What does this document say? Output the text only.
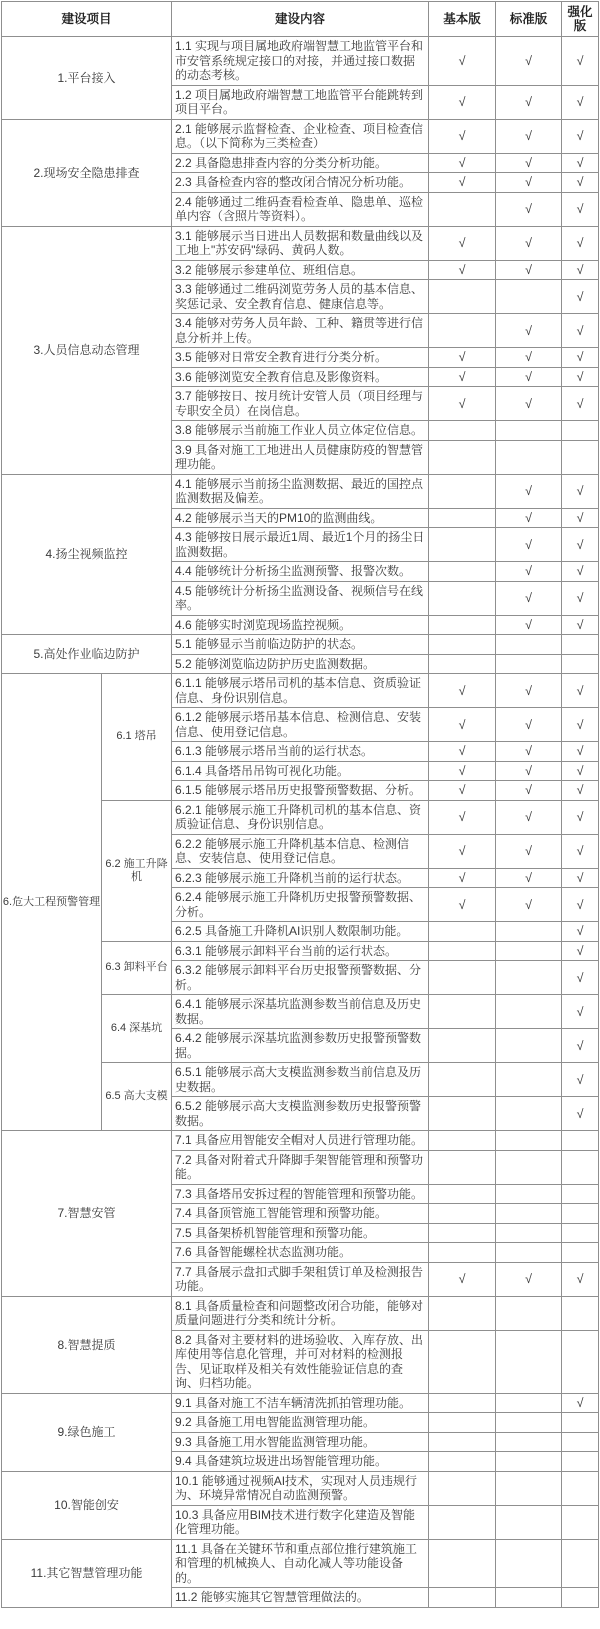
建设项目		建设内容	基本版	标准版	强化版
1.平台接入		1.1 实现与项目属地政府端智慧工地监管平台和市安管系统规定接口的对接，并通过接口数据的动态考核。	√	√	√
		1.2 项目属地政府端智慧工地监管平台能跳转到项目平台。	√	√	√
2.现场安全隐患排查		2.1 能够展示监督检查、企业检查、项目检查信息。（以下简称为三类检查）	√	√	√
		2.2 具备隐患排查内容的分类分析功能。	√	√	√
		2.3 具备检查内容的整改闭合情况分析功能。	√	√	√
		2.4 能够通过二维码查看检查单、隐患单、巡检单内容（含照片等资料）。		√	√
3.人员信息动态管理		3.1 能够展示当日进出人员数据和数量曲线以及工地上"苏安码"绿码、黄码人数。	√	√	√
		3.2 能够展示参建单位、班组信息。	√	√	√
		3.3 能够通过二维码浏览劳务人员的基本信息、奖惩记录、安全教育信息、健康信息等。			√
		3.4 能够对劳务人员年龄、工种、籍贯等进行信息分析并上传。		√	√
		3.5 能够对日常安全教育进行分类分析。	√	√	√
		3.6 能够浏览安全教育信息及影像资料。	√	√	√
		3.7 能够按日、按月统计安管人员（项目经理与专职安全员）在岗信息。	√	√	√
		3.8 能够展示当前施工作业人员立体定位信息。			
		3.9 具备对施工工地进出人员健康防疫的智慧管理功能。			
4.扬尘视频监控		4.1 能够展示当前扬尘监测数据、最近的国控点监测数据及偏差。		√	√
		4.2 能够展示当天的PM10的监测曲线。		√	√
		4.3 能够按日展示最近1周、最近1个月的扬尘日监测数据。		√	√
		4.4 能够统计分析扬尘监测预警、报警次数。		√	√
		4.5 能够统计分析扬尘监测设备、视频信号在线率。		√	√
		4.6 能够实时浏览现场监控视频。		√	√
5.高处作业临边防护		5.1 能够显示当前临边防护的状态。			
		5.2 能够浏览临边防护历史监测数据。			
6.危大工程预警管理	6.1 塔吊	6.1.1 能够展示塔吊司机的基本信息、资质验证信息、身份识别信息。	√	√	√
		6.1.2 能够展示塔吊基本信息、检测信息、安装信息、使用登记信息。	√	√	√
		6.1.3 能够展示塔吊当前的运行状态。	√	√	√
		6.1.4 具备塔吊吊钩可视化功能。	√	√	√
		6.1.5 能够展示塔吊历史报警预警数据、分析。	√	√	√
	6.2 施工升降机	6.2.1 能够展示施工升降机司机的基本信息、资质验证信息、身份识别信息。	√	√	√
		6.2.2 能够展示施工升降机基本信息、检测信息、安装信息、使用登记信息。	√	√	√
		6.2.3 能够展示施工升降机当前的运行状态。	√	√	√
		6.2.4 能够展示施工升降机历史报警预警数据、分析。	√	√	√
		6.2.5 具备施工升降机AI识别人数限制功能。			√
	6.3 卸料平台	6.3.1 能够展示卸料平台当前的运行状态。			√
		6.3.2 能够展示卸料平台历史报警预警数据、分析。			√
	6.4 深基坑	6.4.1 能够展示深基坑监测参数当前信息及历史数据。			√
		6.4.2 能够展示深基坑监测参数历史报警预警数据。			√
	6.5 高大支模	6.5.1 能够展示高大支模监测参数当前信息及历史数据。			√
		6.5.2 能够展示高大支模监测参数历史报警预警数据。			√
7.智慧安管		7.1 具备应用智能安全帽对人员进行管理功能。			
		7.2 具备对附着式升降脚手架智能管理和预警功能。			
		7.3 具备塔吊安拆过程的智能管理和预警功能。			
		7.4 具备顶管施工智能管理和预警功能。			
		7.5 具备架桥机智能管理和预警功能。			
		7.6 具备智能螺栓状态监测功能。			
		7.7 具备展示盘扣式脚手架租赁订单及检测报告功能。	√	√	√
8.智慧提质		8.1 具备质量检查和问题整改闭合功能，能够对质量问题进行分类和统计分析。			
		8.2 具备对主要材料的进场验收、入库存放、出库使用等信息化管理，并可对材料的检测报告、见证取样及相关有效性能验证信息的查询、归档功能。			
9.绿色施工		9.1 具备对施工不洁车辆清洗抓拍管理功能。			√
		9.2 具备施工用电智能监测管理功能。			
		9.3 具备施工用水智能监测管理功能。			
		9.4 具备建筑垃圾进出场智能管理功能。			
10.智能创安		10.1 能够通过视频AI技术，实现对人员违规行为、环境异常情况自动监测预警。			
		10.3 具备应用BIM技术进行数字化建造及智能化管理功能。			
11.其它智慧管理功能		11.1 具备在关键环节和重点部位推行建筑施工和管理的机械换人、自动化减人等功能设备的。			
		11.2 能够实施其它智慧管理做法的。			
